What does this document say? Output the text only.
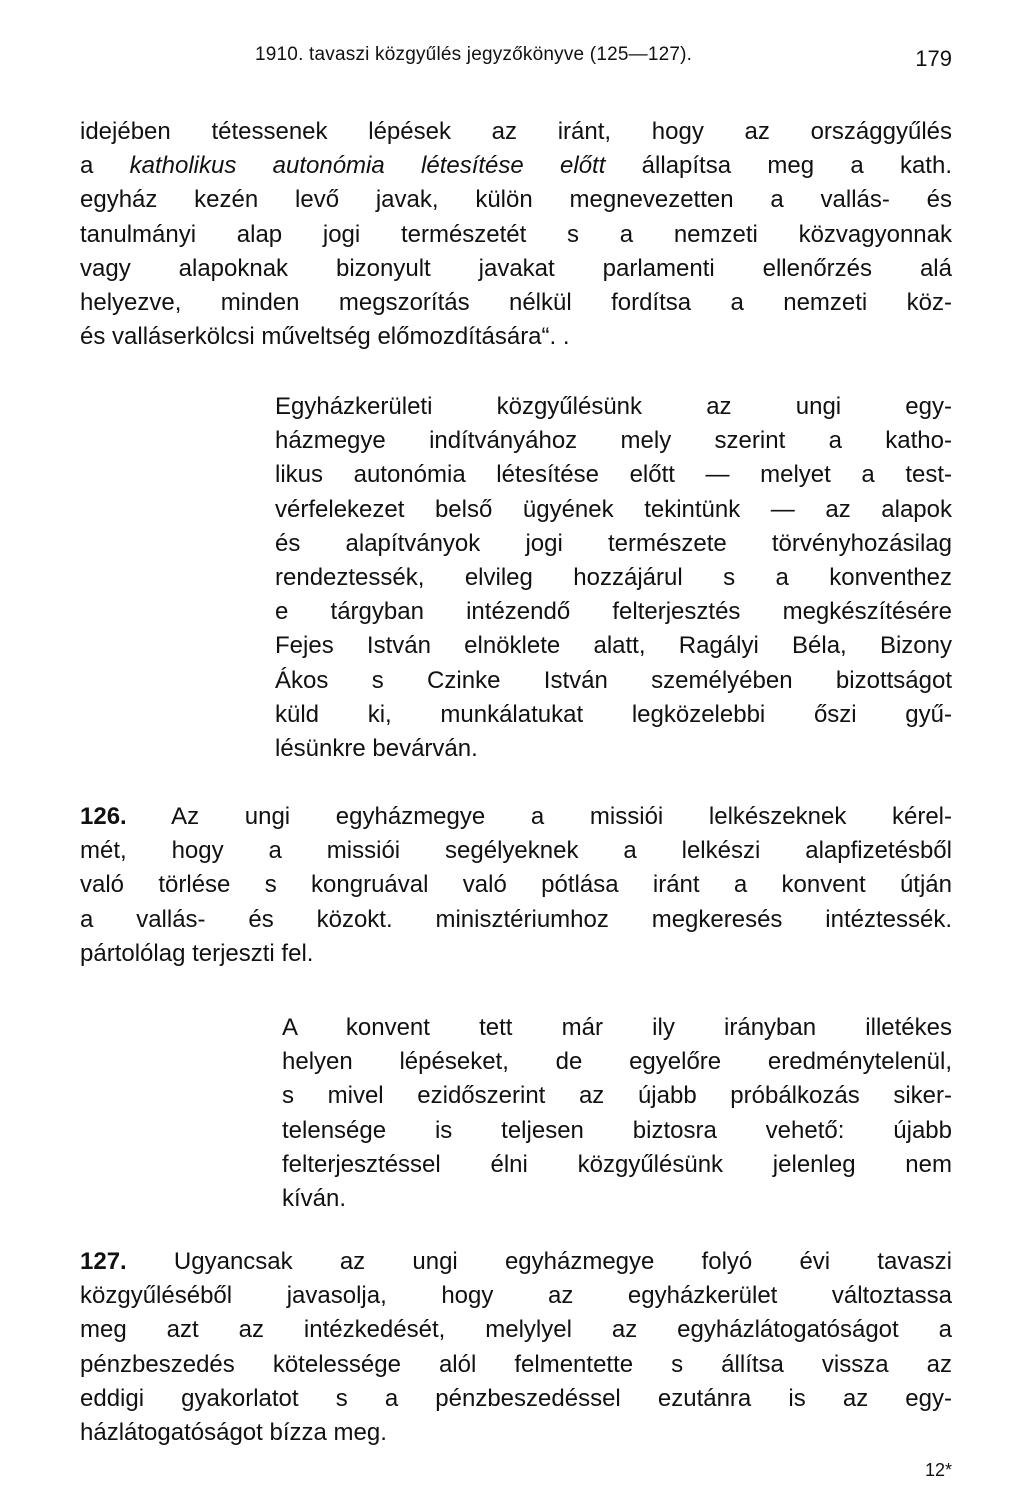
1910. tavaszi közgyűlés jegyzőkönyve (125—127).	179
idejében tétessenek lépések az iránt, hogy az országgyűlés
a katholikus autonómia létesítése előtt állapítsa meg a kath.
egyház kezén levő javak, külön megnevezetten a vallás- és
tanulmányi alap jogi természetét s a nemzeti közvagyonnak
vagy alapoknak bizonyult javakat parlamenti ellenőrzés alá
helyezve, minden megszorítás nélkül fordítsa a nemzeti köz-
és valláserkölcsi műveltség előmozdítására“. .
Egyházkerületi közgyűlésünk az ungi egy-
házmegye indítványához mely szerint a katho-
likus autonómia létesítése előtt — melyet a test-
vérfelekezet belső ügyének tekintünk — az alapok
és alapítványok jogi természete törvényhozásilag
rendeztessék, elvileg hozzájárul s a konventhez
e tárgyban intézendő felterjesztés megkészítésére
Fejes István elnöklete alatt, Ragályi Béla, Bizony
Ákos s Czinke István személyében bizottságot
küld ki, munkálatukat legközelebbi őszi gyű-
lésünkre bevárván.
126. Az ungi egyházmegye a missiói lelkészeknek kérel-
mét, hogy a missiói segélyeknek a lelkészi alapfizetésből
való törlése s kongruával való pótlása iránt a konvent útján
a vallás- és közokt. minisztériumhoz megkeresés intéztessék.
pártolólag terjeszti fel.
A konvent tett már ily irányban illetékes
helyen lépéseket, de egyelőre eredménytelenül,
s mivel ezidőszerint az újabb próbálkozás siker-
telensége is teljesen biztosra vehető: újabb
felterjesztéssel élni közgyűlésünk jelenleg nem
kíván.
127. Ugyancsak az ungi egyházmegye folyó évi tavaszi
közgyűléséből javasolja, hogy az egyházkerület változtassa
meg azt az intézkedését, melylyel az egyházlátogatóságot a
pénzbeszedés kötelessége alól felmentette s állítsa vissza az
eddigi gyakorlatot s a pénzbeszedéssel ezutánra is az egy-
házlátogatóságot bízza meg.
12*
